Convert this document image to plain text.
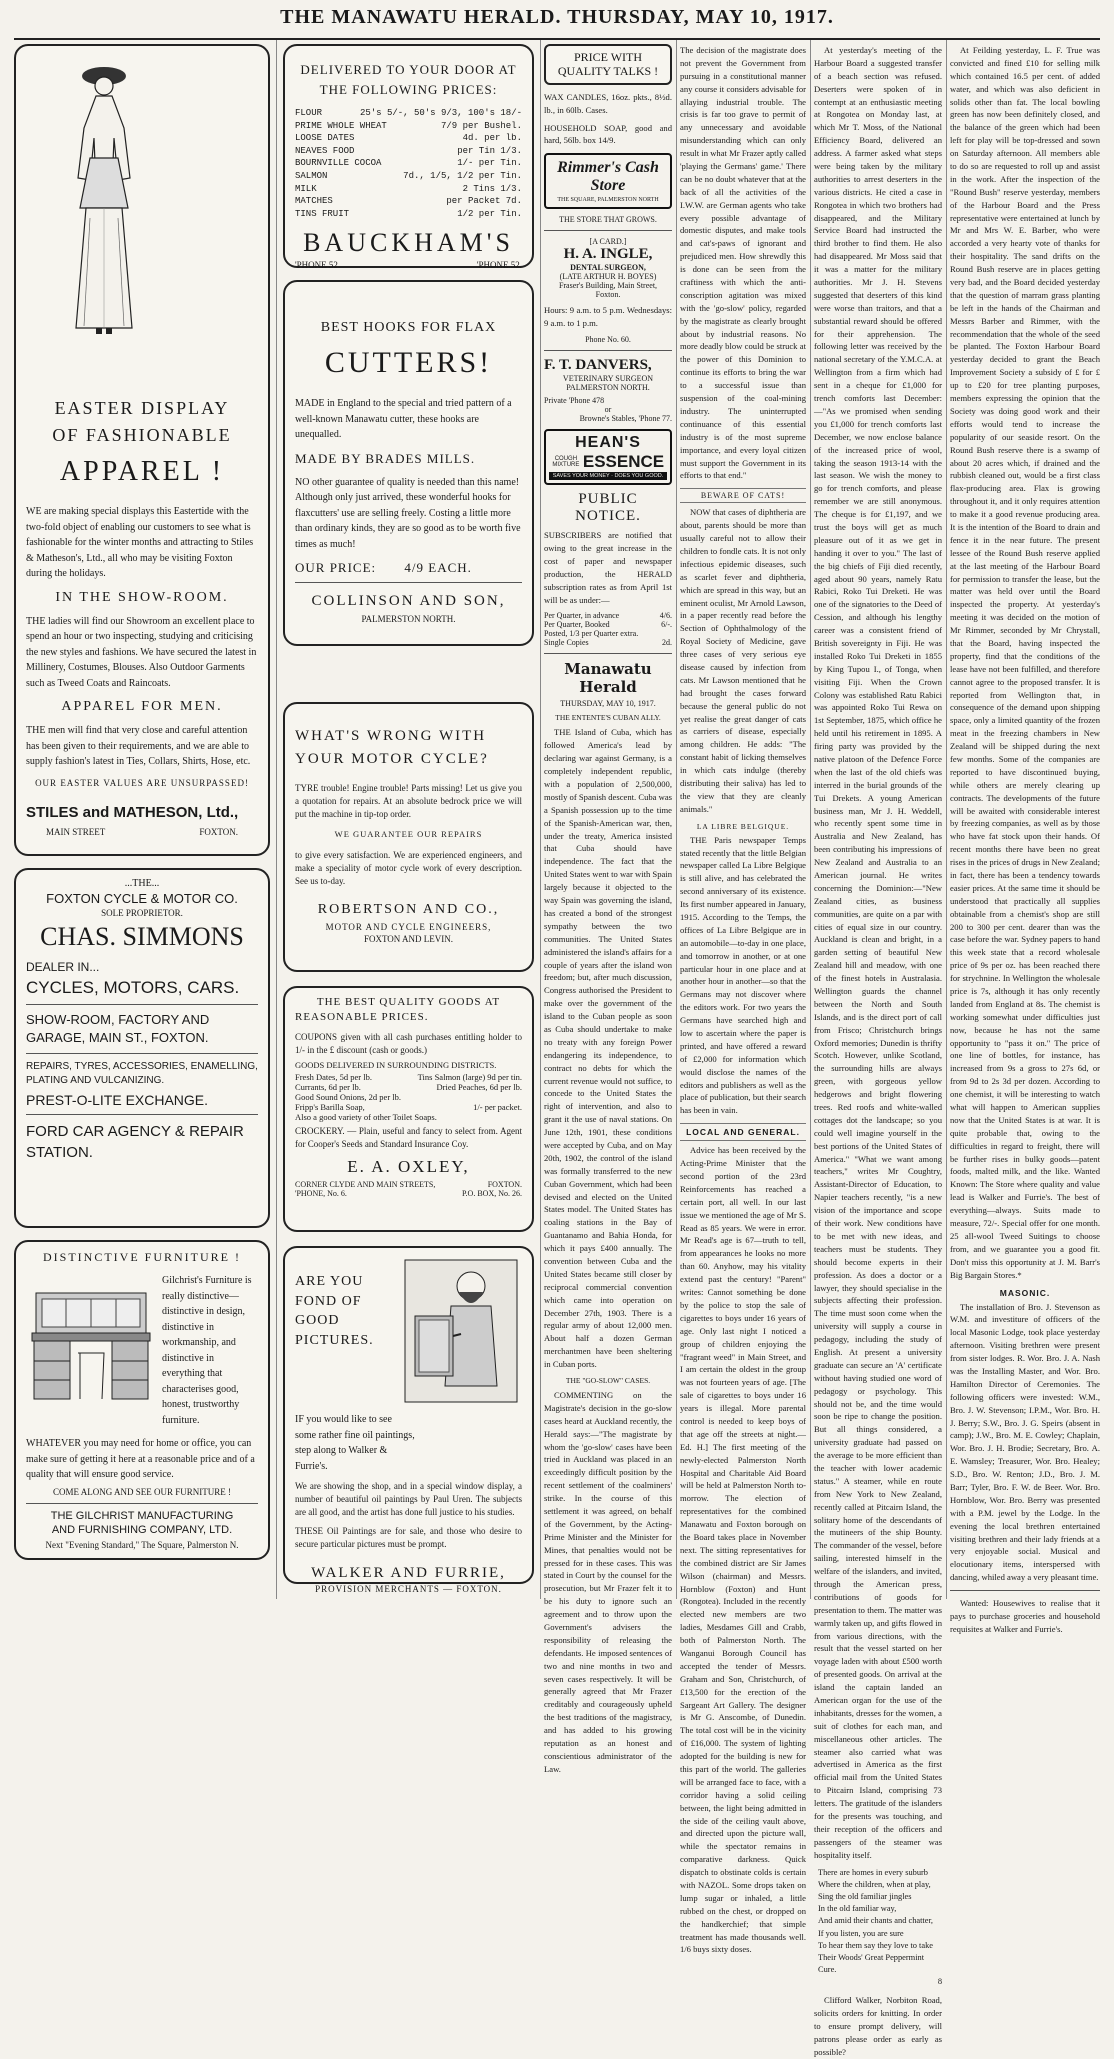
THE MANAWATU HERALD. THURSDAY, MAY 10, 1917.
EASTER DISPLAY
OF FASHIONABLE
APPAREL !

WE are making special displays this Eastertide with the two-fold object of enabling our customers to see what is fashionable for the winter months and attracting to Stiles & Matheson's, Ltd., all who may be visiting Foxton during the holidays.

IN THE SHOW-ROOM.

THE ladies will find our Showroom an excellent place to spend an hour or two inspecting, studying and criticising the new styles and fashions. We have secured the latest in Millinery, Costumes, Blouses. Also Outdoor Garments such as Tweed Coats and Raincoats.

APPAREL FOR MEN.

THE men will find that very close and careful attention has been given to their requirements, and we are able to supply fashion's latest in Ties, Collars, Shirts, Hose, etc.

OUR EASTER VALUES ARE UNSURPASSED!
STILES and MATHESON, Ltd.,
MAIN STREET	FOXTON.
...THE...
FOXTON CYCLE & MOTOR CO.
SOLE PROPRIETOR.
CHAS. SIMMONS
DEALER IN...
CYCLES, MOTORS, CARS.
SHOW-ROOM, FACTORY AND GARAGE, MAIN ST., FOXTON.
REPAIRS, TYRES, ACCESSORIES, ENAMELLING, PLATING AND VULCANIZING.
PREST-O-LITE EXCHANGE.
FORD CAR AGENCY & REPAIR STATION.
DISTINCTIVE FURNITURE !

Gilchrist's Furniture is really distinctive—distinctive in design, distinctive in workmanship, and distinctive in everything that characterises good, honest, trustworthy furniture.

WHATEVER you may need for home or office, you can make sure of getting it here at a reasonable price and of a quality that will ensure good service.

COME ALONG AND SEE OUR FURNITURE !
THE GILCHRIST MANUFACTURING
AND FURNISHING COMPANY, LTD.
Next "Evening Standard," The Square, Palmerston N.
DELIVERED TO YOUR DOOR AT THE FOLLOWING PRICES:
FLOUR	25's 5/-, 50's 9/3, 100's 18/-
PRIME WHOLE WHEAT	7/9 per Bushel.
LOOSE DATES	4d. per lb.
NEAVES FOOD	per Tin 1/3.
BOURNVILLE COCOA	1/- per Tin.
SALMON	7d., 1/5, 1/2 per Tin.
MILK	2 Tins 1/3.
MATCHES	per Packet 7d.
TINS FRUIT	1/2 per Tin.
BAUCKHAM'S
'PHONE 52.	'PHONE 52.
BEST HOOKS FOR FLAX
CUTTERS!

MADE in England to the special and tried pattern of a well-known Manawatu cutter, these hooks are unequalled.

MADE BY BRADES MILLS.

NO other guarantee of quality is needed than this name! Although only just arrived, these wonderful hooks for flaxcutters' use are selling freely. Costing a little more than ordinary kinds, they are so good as to be worth five times as much!

OUR PRICE: 4/9 EACH.
COLLINSON AND SON,
PALMERSTON NORTH.
WHAT'S WRONG WITH
YOUR MOTOR CYCLE?

TYRE trouble! Engine trouble! Parts missing! Let us give you a quotation for repairs. At an absolute bedrock price we will put the machine in tip-top order.

WE GUARANTEE OUR REPAIRS

to give every satisfaction. We are experienced engineers, and make a speciality of motor cycle work of every description. See us to-day.

ROBERTSON AND CO.,
MOTOR AND CYCLE ENGINEERS,
FOXTON AND LEVIN.
THE BEST QUALITY GOODS AT
REASONABLE PRICES.

COUPONS given with all cash purchases entitling holder to 1/- in the £ discount (cash or goods.)

GOODS DELIVERED IN SURROUNDING DISTRICTS.
Fresh Dates, 5d per lb.	Tins Salmon (large) 9d per tin.
Currants, 6d per lb.	Dried Peaches, 6d per lb.
Good Sound Onions, 2d per lb.
Fripp's Barilla Soap,	1/- per packet.
Also a good variety of other Toilet Soaps.

CROCKERY. — Plain, useful and fancy to select from. Agent for Cooper's Seeds and Standard Insurance Coy.

E. A. OXLEY,
CORNER CLYDE AND MAIN STREETS,	FOXTON.
'PHONE, No. 6.	P.O. BOX, No. 26.
ARE YOU FOND OF GOOD PICTURES.

IF you would like to see some rather fine oil paintings, step along to Walker & Furrie's.

We are showing the shop, and in a special window display, a number of beautiful oil paintings by Paul Uren. The subjects are all good, and the artist has done full justice to his studies.

THESE Oil Paintings are for sale, and those who desire to secure particular pictures must be prompt.

WALKER AND FURRIE,
PROVISION MERCHANTS — FOXTON.
PRICE WITH QUALITY TALKS !

WAX CANDLES, 16oz. pkts., 8½d. lb., in 60lb. Cases.

HOUSEHOLD SOAP, good and hard, 56lb. box 14/9.

Rimmer's Cash Store
THE SQUARE, PALMERSTON NORTH
THE STORE THAT GROWS.
[A CARD.]
H. A. INGLE,
DENTAL SURGEON,
(LATE ARTHUR H. BOYES)
Fraser's Building, Main Street,
Foxton.

Hours: 9 a.m. to 5 p.m. Wednesdays: 9 a.m. to 1 p.m.

Phone No. 60.
F. T. DANVERS,
VETERINARY SURGEON
PALMERSTON NORTH.
Private 'Phone 478
or
Browne's Stables, 'Phone 77.
HEAN'S
COUGH MIXTURE ESSENCE
SAVES YOUR MONEY · DOES YOU GOOD.
PUBLIC NOTICE.

SUBSCRIBERS are notified that owing to the great increase in the cost of paper and newspaper production, the HERALD subscription rates as from April 1st will be as under:—

Per Quarter, in advance	4/6.
Per Quarter, Booked	6/-.
Posted, 1/3 per Quarter extra.
Single Copies	2d.
Manawatu Herald
THURSDAY, MAY 10, 1917.
THE ENTENTE'S CUBAN ALLY.

THE Island of Cuba, which has followed America's lead by declaring war against Germany, is a completely independent republic, with a population of 2,500,000, mostly of Spanish descent. Cuba was a Spanish possession up to the time of the Spanish-American war, then, under the treaty, America insisted that Cuba should have independence. The fact that the United States went to war with Spain largely because it objected to the way Spain was governing the island, has created a bond of the strongest sympathy between the two communities. The United States administered the island's affairs for a couple of years after the island won freedom; but, after much discussion, Congress authorised the President to make over the government of the island to the Cuban people as soon as Cuba should undertake to make no treaty with any foreign Power endangering its independence, to contract no debts for which the current revenue would not suffice, to concede to the United States the right of intervention, and also to grant it the use of naval stations. On June 12th, 1901, these conditions were accepted by Cuba, and on May 20th, 1902, the control of the island was formally transferred to the new Cuban Government, which had been devised and elected on the United States model. The United States has coaling stations in the Bay of Guantanamo and Bahia Honda, for which it pays £400 annually. The convention between Cuba and the United States became still closer by reciprocal commercial convention which came into operation on December 27th, 1903. There is a regular army of about 12,000 men. About half a dozen German merchantmen have been sheltering in Cuban ports.

THE "GO-SLOW" CASES.

COMMENTING on the Magistrate's decision in the go-slow cases heard at Auckland recently, the Herald says:—"The magistrate by whom the 'go-slow' cases have been tried in Auckland was placed in an exceedingly difficult position by the recent settlement of the coalminers' strike. In the course of this settlement it was agreed, on behalf of the Government, by the Acting-Prime Minister and the Minister for Mines, that penalties would not be pressed for in these cases. This was stated in Court by the counsel for the prosecution, but Mr Frazer felt it to be his duty to ignore such an agreement and to throw upon the Government's advisers the responsibility of releasing the defendants. He imposed sentences of two and nine months in two and seven cases respectively. It will be generally agreed that Mr Frazer creditably and courageously upheld the best traditions of the magistracy, and has added to his growing reputation as an honest and conscientious administrator of the Law.

The decision of the magistrate does not prevent the Government from pursuing in a constitutional manner any course it considers advisable for allaying industrial trouble. The crisis is far too grave to permit of any unnecessary and avoidable misunderstanding which can only result in what Mr Frazer aptly called 'playing the Germans' game.' There can be no doubt whatever that at the back of all the activities of the I.W.W. are German agents who take every possible advantage of domestic disputes, and make tools and cat's-paws of ignorant and prejudiced men. How shrewdly this is done can be seen from the craftiness with which the anti-conscription agitation was mixed with the 'go-slow' policy, regarded by the magistrate as clearly brought about by industrial reasons. No more deadly blow could be struck at the power of this Dominion to continue its efforts to bring the war to a successful issue than suspension of the coal-mining industry. The uninterrupted continuance of this essential industry is of the most supreme importance, and every loyal citizen must support the Government in its efforts to that end."

BEWARE OF CATS!

NOW that cases of diphtheria are about, parents should be more than usually careful not to allow their children to fondle cats. It is not only infectious epidemic diseases, such as scarlet fever and diphtheria, which are spread in this way, but an eminent oculist, Mr Arnold Lawson, in a paper recently read before the Section of Ophthalmology of the Royal Society of Medicine, gave three cases of very serious eye disease caused by infection from cats. Mr Lawson mentioned that he had brought the cases forward because the general public do not yet realise the great danger of cats as carriers of disease, especially among children. He adds: "The constant habit of licking themselves in which cats indulge (thereby distributing their saliva) has led to the view that they are cleanly animals."

LA LIBRE BELGIQUE.

THE Paris newspaper Temps stated recently that the little Belgian newspaper called La Libre Belgique is still alive, and has celebrated the second anniversary of its existence. Its first number appeared in January, 1915. According to the Temps, the offices of La Libre Belgique are in an automobile—to-day in one place, and tomorrow in another, or at one particular hour in one place and at another hour in another—so that the Germans may not discover where the editors work. For two years the Germans have searched high and low to ascertain where the paper is printed, and have offered a reward of £2,000 for information which would disclose the names of the editors and publishers as well as the place of publication, but their search has been in vain.

LOCAL AND GENERAL.

Advice has been received by the Acting-Prime Minister that the second portion of the 23rd Reinforcements has reached a certain port, all well. In our last issue we mentioned the age of Mr S. Read as 85 years. We were in error. Mr Read's age is 67—truth to tell, from appearances he looks no more than 60. Anyhow, may his vitality extend past the century! "Parent" writes: Cannot something be done by the police to stop the sale of cigarettes to boys under 16 years of age. Only last night I noticed a group of children enjoying the "fragrant weed" in Main Street, and I am certain the oldest in the group was not fourteen years of age. [The sale of cigarettes to boys under 16 years is illegal. More parental control is needed to keep boys of that age off the streets at night.—Ed. H.] The first meeting of the newly-elected Palmerston North Hospital and Charitable Aid Board will be held at Palmerston North to-morrow. The election of representatives for the combined Manawatu and Foxton borough on the Board takes place in November next. The sitting representatives for the combined district are Sir James Wilson (chairman) and Messrs. Hornblow (Foxton) and Hunt (Rongotea). Included in the recently elected new members are two ladies, Mesdames Gill and Crabb, both of Palmerston North. The Wanganui Borough Council has accepted the tender of Messrs. Graham and Son, Christchurch, of £13,500 for the erection of the Sargeant Art Gallery. The designer is Mr G. Anscombe, of Dunedin. The total cost will be in the vicinity of £16,000. The system of lighting adopted for the building is new for this part of the world. The galleries will be arranged face to face, with a corridor having a solid ceiling between, the light being admitted in the side of the ceiling vault above, and directed upon the picture wall, while the spectator remains in comparative darkness. Quick dispatch to obstinate colds is certain with NAZOL. Some drops taken on lump sugar or inhaled, a little rubbed on the chest, or dropped on the handkerchief; that simple treatment has made thousands well. 1/6 buys sixty doses.

At yesterday's meeting of the Harbour Board a suggested transfer of a beach section was refused. Deserters were spoken of in contempt at an enthusiastic meeting at Rongotea on Monday last, at which Mr T. Moss, of the National Efficiency Board, delivered an address. A farmer asked what steps were being taken by the military authorities to arrest deserters in the various districts. He cited a case in Rongotea in which two brothers had disappeared, and the Military Service Board had instructed the third brother to find them. He also had disappeared. Mr Moss said that it was a matter for the military authorities. Mr J. H. Stevens suggested that deserters of this kind were worse than traitors, and that a substantial reward should be offered for their apprehension. The following letter was received by the national secretary of the Y.M.C.A. at Wellington from a firm which had sent in a cheque for £1,000 for trench comforts last December:—"As we promised when sending you £1,000 for trench comforts last December, we now enclose balance of the increased price of wool, taking the season 1913-14 with the last season. We wish the money to go for trench comforts, and please remember we are still anonymous. The cheque is for £1,197, and we trust the boys will get as much pleasure out of it as we get in handing it over to you." The last of the big chiefs of Fiji died recently, aged about 90 years, namely Ratu Rabici, Roko Tui Dreketi. He was one of the signatories to the Deed of Cession, and although his lengthy career was a consistent friend of British sovereignty in Fiji. He was installed Roko Tui Dreketi in 1855 by King Tupou I., of Tonga, when visiting Fiji. When the Crown Colony was established Ratu Rabici was appointed Roko Tui Rewa on 1st September, 1875, which office he held until his retirement in 1895. A firing party was provided by the native platoon of the Defence Force when the last of the old chiefs was interred in the burial grounds of the Tui Drekets. A young American business man, Mr J. H. Weddell, who recently spent some time in Australia and New Zealand, has been contributing his impressions of New Zealand and Australia to an American journal. He writes concerning the Dominion:—"New Zealand cities, as business communities, are quite on a par with cities of equal size in our country. Auckland is clean and bright, in a garden setting of beautiful New Zealand hill and meadow, with one of the finest hotels in Australasia. Wellington guards the channel between the North and South Islands, and is the direct port of call from Frisco; Christchurch brings Oxford memories; Dunedin is thrifty Scotch. However, unlike Scotland, the surrounding hills are always green, with gorgeous yellow hedgerows and bright flowering trees. Red roofs and white-walled cottages dot the landscape; so you could well imagine yourself in the best portions of the United States of America." "What we want among teachers," writes Mr Coughtry, Assistant-Director of Education, to Napier teachers recently, "is a new vision of the importance and scope of their work. New conditions have to be met with new ideas, and teachers must be students. They should become experts in their profession. As does a doctor or a lawyer, they should specialise in the subjects affecting their profession. The time must soon come when the university will supply a course in pedagogy, including the study of English. At present a university graduate can secure an 'A' certificate without having studied one word of pedagogy or psychology. This should not be, and the time would soon be ripe to change the position. But all things considered, a university graduate had passed on the average to be more efficient than the teacher with lower academic status." A steamer, while en route from New York to New Zealand, recently called at Pitcairn Island, the solitary home of the descendants of the mutineers of the ship Bounty. The commander of the vessel, before sailing, interested himself in the welfare of the islanders, and invited, through the American press, contributions of goods for presentation to them. The matter was warmly taken up, and gifts flowed in from various directions, with the result that the vessel started on her voyage laden with about £500 worth of presented goods. On arrival at the island the captain landed an American organ for the use of the inhabitants, dresses for the women, a suit of clothes for each man, and miscellaneous other articles. The steamer also carried what was advertised in America as the first official mail from the United States to Pitcairn Island, comprising 73 letters. The gratitude of the islanders for the presents was touching, and their reception of the officers and passengers of the steamer was hospitality itself.

There are homes in every suburb
Where the children, when at play,
Sing the old familiar jingles
In the old familiar way,
And amid their chants and chatter,
If you listen, you are sure
To hear them say they love to take
Their Woods' Great Peppermint
Cure.
8

Clifford Walker, Norbiton Road, solicits orders for knitting. In order to ensure prompt delivery, will patrons please order as early as possible?

At Feilding yesterday, L. F. True was convicted and fined £10 for selling milk which contained 16.5 per cent. of added water, and which was also deficient in solids other than fat. The local bowling green has now been definitely closed, and the balance of the green which had been left for play will be top-dressed and sown on Saturday afternoon. All members able to do so are requested to roll up and assist in the work. After the inspection of the "Round Bush" reserve yesterday, members of the Harbour Board and the Press representative were entertained at lunch by Mr and Mrs W. E. Barber, who were accorded a very hearty vote of thanks for their hospitality. The sand drifts on the Round Bush reserve are in places getting very bad, and the Board decided yesterday that the question of marram grass planting be left in the hands of the Chairman and Messrs Barber and Rimmer, with the recommendation that the whole of the seed be planted. The Foxton Harbour Board yesterday decided to grant the Beach Improvement Society a subsidy of £ for £ up to £20 for tree planting purposes, members expressing the opinion that the Society was doing good work and their efforts would tend to increase the popularity of our seaside resort. On the Round Bush reserve there is a swamp of about 20 acres which, if drained and the rubbish cleaned out, would be a first class flax-producing area. Flax is growing throughout it, and it only requires attention to make it a good revenue producing area. It is the intention of the Board to drain and fence it in the near future. The present lessee of the Round Bush reserve applied at the last meeting of the Harbour Board for permission to transfer the lease, but the matter was held over until the Board inspected the property. At yesterday's meeting it was decided on the motion of Mr Rimmer, seconded by Mr Chrystall, that the Board, having inspected the property, find that the conditions of the lease have not been fulfilled, and therefore cannot agree to the proposed transfer. It is reported from Wellington that, in consequence of the demand upon shipping space, only a limited quantity of the frozen meat in the freezing chambers in New Zealand will be shipped during the next few months. Some of the companies are reported to have discontinued buying, while others are merely clearing up contracts. The developments of the future will be awaited with considerable interest by freezing companies, as well as by those who have fat stock upon their hands. Of recent months there have been no great rises in the prices of drugs in New Zealand; in fact, there has been a tendency towards easier prices. At the same time it should be understood that practically all supplies obtainable from a chemist's shop are still 200 to 300 per cent. dearer than was the case before the war. Sydney papers to hand this week state that a record wholesale price of 9s per oz. has been reached there for strychnine. In Wellington the wholesale price is 7s, although it has only recently landed from England at 8s. The chemist is working somewhat under difficulties just now, because he has not the same opportunity to "pass it on." The price of one line of bottles, for instance, has increased from 9s a gross to 27s 6d, or from 9d to 2s 3d per dozen. According to one chemist, it will be interesting to watch what will happen to American supplies now that the United States is at war. It is quite probable that, owing to the difficulties in regard to freight, there will be further rises in bulky goods—patent foods, malted milk, and the like. Wanted Known: The Store where quality and value lead is Walker and Furrie's. The best of everything—always. Suits made to measure, 72/-. Special offer for one month. 25 all-wool Tweed Suitings to choose from, and we guarantee you a good fit. Don't miss this opportunity at J. M. Barr's Big Bargain Stores.*

MASONIC.

The installation of Bro. J. Stevenson as W.M. and investiture of officers of the local Masonic Lodge, took place yesterday afternoon. Visiting brethren were present from sister lodges. R. Wor. Bro. J. A. Nash was the Installing Master, and Wor. Bro. Hamilton Director of Ceremonies. The following officers were invested: W.M., Bro. J. W. Stevenson; I.P.M., Wor. Bro. H. J. Berry; S.W., Bro. J. G. Speirs (absent in camp); J.W., Bro. M. E. Cowley; Chaplain, Wor. Bro. J. H. Brodie; Secretary, Bro. A. E. Wamsley; Treasurer, Wor. Bro. Healey; S.D., Bro. W. Renton; J.D., Bro. J. M. Barr; Tyler, Bro. F. W. de Beer. Wor. Bro. Hornblow, Wor. Bro. Berry was presented with a P.M. jewel by the Lodge. In the evening the local brethren entertained visiting brethren and their lady friends at a very enjoyable social. Musical and elocutionary items, interspersed with dancing, whiled away a very pleasant time.

Wanted: Housewives to realise that it pays to purchase groceries and household requisites at Walker and Furrie's.
